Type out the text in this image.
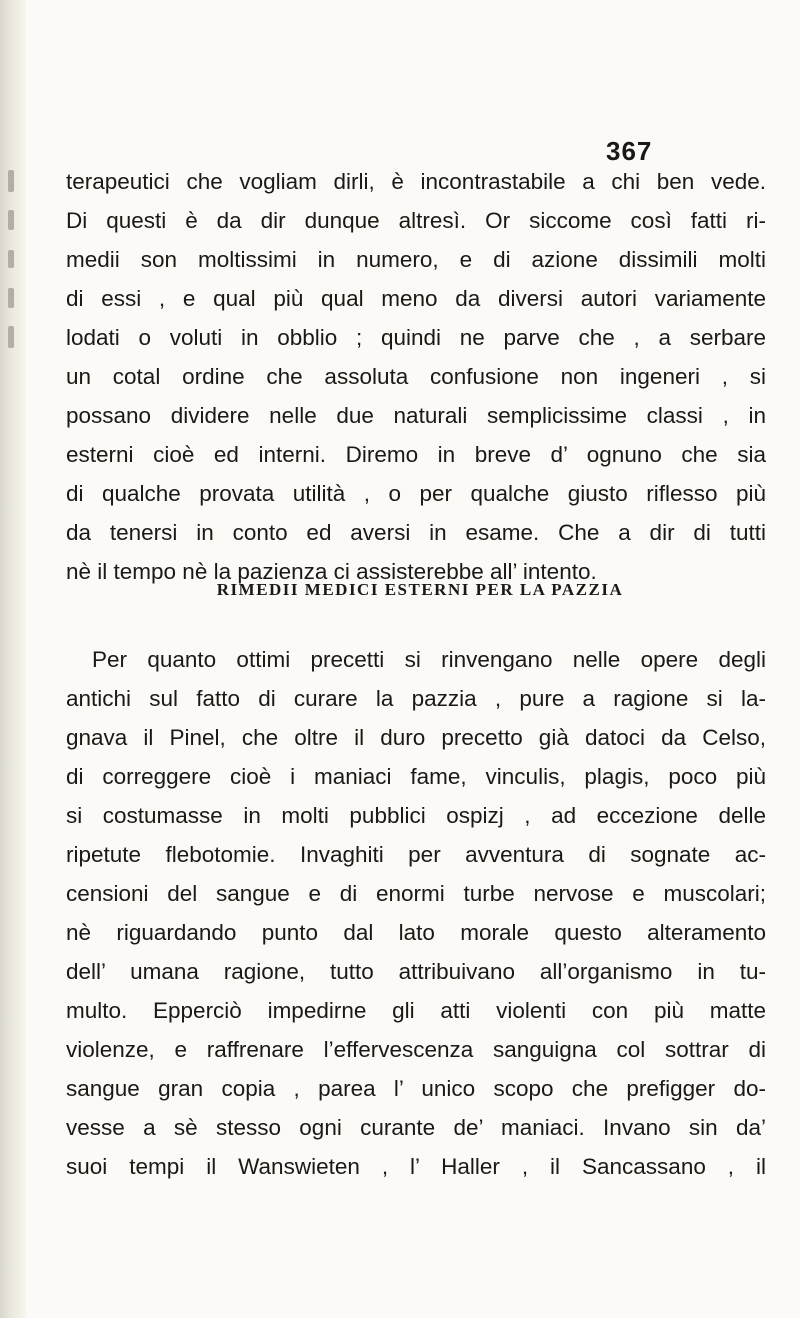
367
terapeutici che vogliam dirli, è incontrastabile a chi ben vede.
Di questi è da dir dunque altresì. Or siccome così fatti ri-
medii son moltissimi in numero, e di azione dissimili molti
di essi , e qual più qual meno da diversi autori variamente
lodati o voluti in obblio ; quindi ne parve che , a serbare
un cotal ordine che assoluta confusione non ingeneri , si
possano dividere nelle due naturali semplicissime classi , in
esterni cioè ed interni. Diremo in breve d’ ognuno che sia
di qualche provata utilità , o per qualche giusto riflesso più
da tenersi in conto ed aversi in esame. Che a dir di tutti
nè il tempo nè la pazienza ci assisterebbe all’ intento.
RIMEDII MEDICI ESTERNI PER LA PAZZIA
Per quanto ottimi precetti si rinvengano nelle opere degli
antichi sul fatto di curare la pazzia , pure a ragione si la-
gnava il Pinel, che oltre il duro precetto già datoci da Celso,
di correggere cioè i maniaci fame, vinculis, plagis, poco più
si costumasse in molti pubblici ospizj , ad eccezione delle
ripetute flebotomie. Invaghiti per avventura di sognate ac-
censioni del sangue e di enormi turbe nervose e muscolari;
nè riguardando punto dal lato morale questo alteramento
dell’ umana ragione, tutto attribuivano all’organismo in tu-
multo. Epperciò impedirne gli atti violenti con più matte
violenze, e raffrenare l’effervescenza sanguigna col sottrar di
sangue gran copia , parea l’ unico scopo che prefigger do-
vesse a sè stesso ogni curante de’ maniaci. Invano sin da’
suoi tempi il Wanswieten , l’ Haller , il Sancassano , il
